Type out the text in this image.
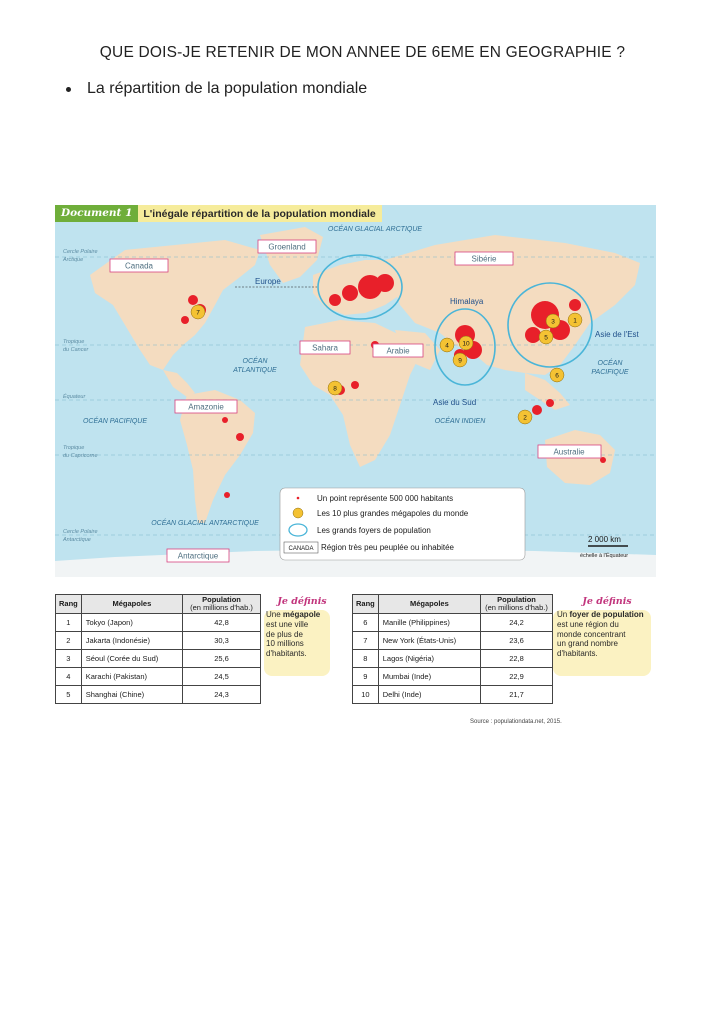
QUE DOIS-JE RETENIR DE MON ANNEE DE 6EME EN GEOGRAPHIE ?
La répartition de la population mondiale
1
2
3
4
5
6
7
8
9
10
OCÉAN GLACIAL ARCTIQUE
OCÉAN
ATLANTIQUE
OCÉAN PACIFIQUE
OCÉAN
PACIFIQUE
OCÉAN INDIEN
OCÉAN GLACIAL ANTARCTIQUE
Cercle Polaire
Arctique
Tropique
du Cancer
Équateur
Tropique
du Capricorne
Cercle Polaire
Antarctique
Canada
Groenland
Sibérie
Sahara	Arabie
Amazonie
Australie
Antarctique
Europe
Himalaya
Asie de l'Est
Asie du Sud
Un point représente 500 000 habitants
Les 10 plus grandes mégapoles du monde
Les grands foyers de population
CANADA Région très peu peuplée ou inhabitée
2 000 km
échelle à l'Équateur
Document 1	L'inégale répartition de la population mondiale
Rang	Mégapoles	Population
(en millions d'hab.)

1	Tokyo (Japon)	42,8
2	Jakarta (Indonésie)	30,3
3	Séoul (Corée du Sud)	25,6
4	Karachi (Pakistan)	24,5
5	Shanghai (Chine)	24,3
Je définis
Une mégapole
est une ville
de plus de
10 millions
d'habitants.
Rang	Mégapoles	Population
(en millions d'hab.)

6	Manille (Philippines)	24,2
7	New York (États-Unis)	23,6
8	Lagos (Nigéria)	22,8
9	Mumbai (Inde)	22,9
10	Delhi (Inde)	21,7
Je définis
Un foyer de population
est une région du
monde concentrant
un grand nombre
d'habitants.
Source : populationdata.net, 2015.
